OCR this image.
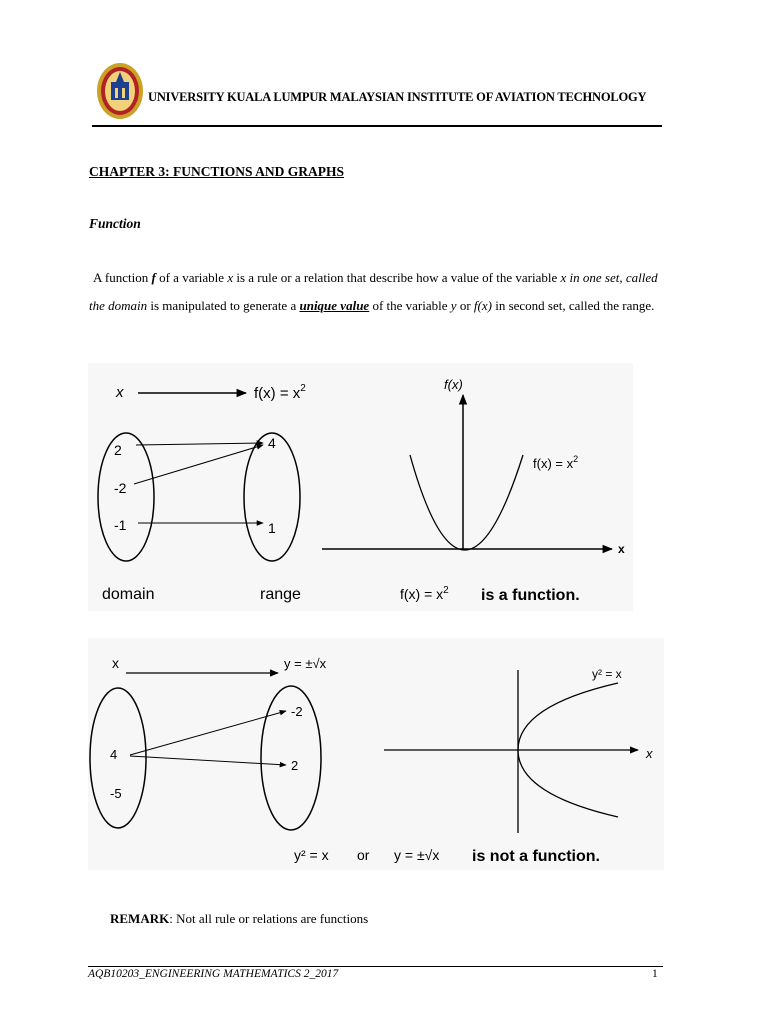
UNIVERSITY KUALA LUMPUR MALAYSIAN INSTITUTE OF AVIATION TECHNOLOGY
CHAPTER 3: FUNCTIONS AND GRAPHS
Function
A function f of a variable x is a rule or a relation that describe how a value of the variable x in one set, called the domain is manipulated to generate a unique value of the variable y or f(x) in second set, called the range.
x	$f(x) = x^2$
2
-2
-1
4
1
domain	range
f(x)
x
$f(x) = x^2$
$f(x) = x^2$ is a function.
x	y = ±√x
4
-5
-2
2
x
y² = x
y² = x or y = ±√x is not a function.
REMARK: Not all rule or relations are functions
AQB10203_ENGINEERING MATHEMATICS 2_2017	1
